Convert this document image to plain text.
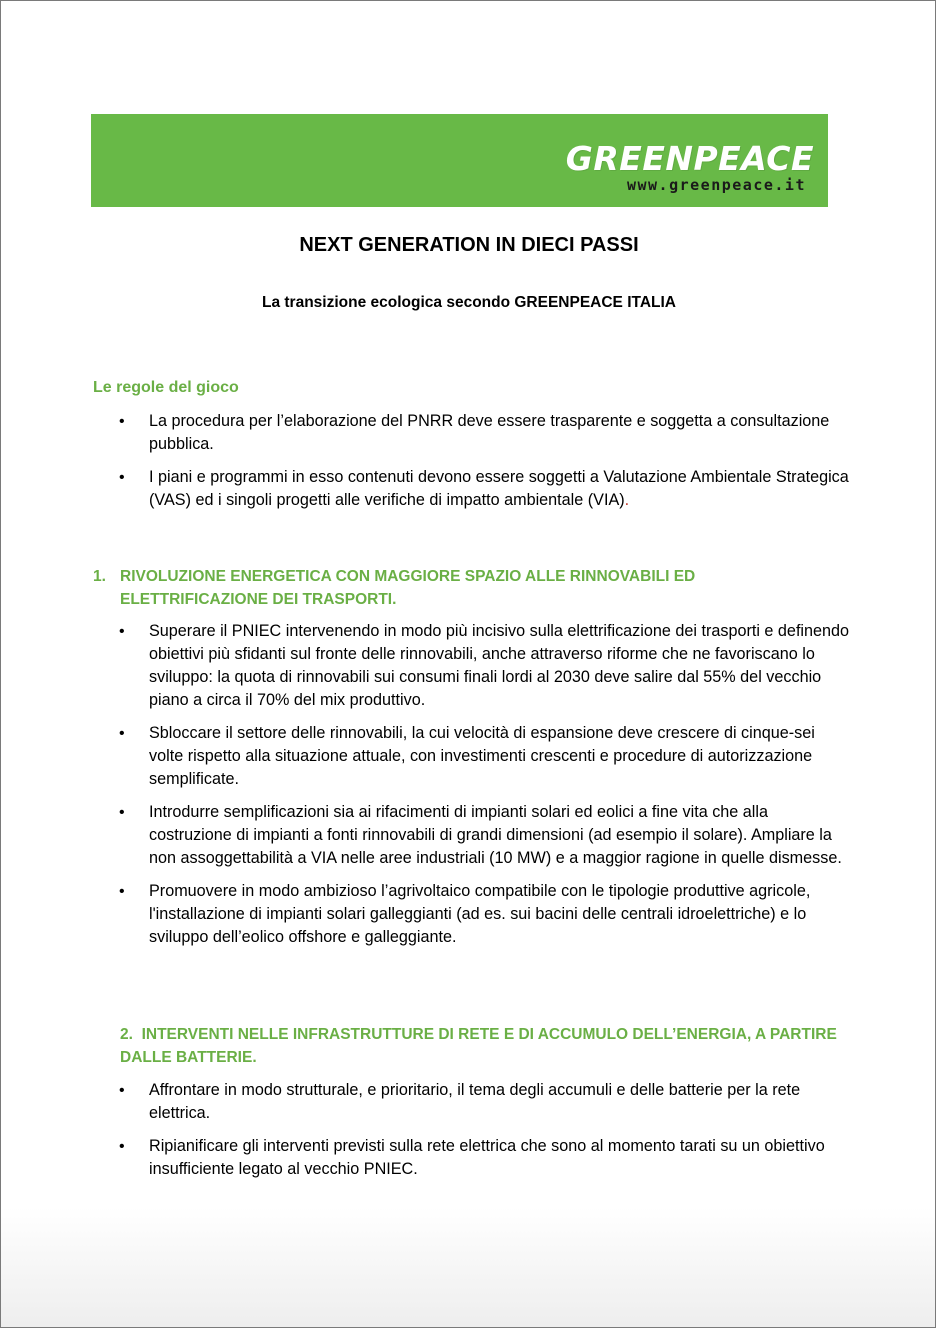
GREENPEACE
www.greenpeace.it
NEXT GENERATION IN DIECI PASSI
La transizione ecologica secondo GREENPEACE ITALIA
Le regole del gioco
• La procedura per l’elaborazione del PNRR deve essere trasparente e soggetta a consultazione pubblica.
• I piani e programmi in esso contenuti devono essere soggetti a Valutazione Ambientale Strategica (VAS) ed i singoli progetti alle verifiche di impatto ambientale (VIA).
1. RIVOLUZIONE ENERGETICA CON MAGGIORE SPAZIO ALLE RINNOVABILI ED
ELETTRIFICAZIONE DEI TRASPORTI.
• Superare il PNIEC intervenendo in modo più incisivo sulla elettrificazione dei trasporti e definendo obiettivi più sfidanti sul fronte delle rinnovabili, anche attraverso riforme che ne favoriscano lo sviluppo: la quota di rinnovabili sui consumi finali lordi al 2030 deve salire dal 55% del vecchio piano a circa il 70% del mix produttivo.
• Sbloccare il settore delle rinnovabili, la cui velocità di espansione deve crescere di cinque-sei volte rispetto alla situazione attuale, con investimenti crescenti e procedure di autorizzazione semplificate.
• Introdurre semplificazioni sia ai rifacimenti di impianti solari ed eolici a fine vita che alla costruzione di impianti a fonti rinnovabili di grandi dimensioni (ad esempio il solare). Ampliare la non assoggettabilità a VIA nelle aree industriali (10 MW) e a maggior ragione in quelle dismesse.
• Promuovere in modo ambizioso l’agrivoltaico compatibile con le tipologie produttive agricole, l'installazione di impianti solari galleggianti (ad es. sui bacini delle centrali idroelettriche) e lo sviluppo dell’eolico offshore e galleggiante.
2. INTERVENTI NELLE INFRASTRUTTURE DI RETE E DI ACCUMULO DELL’ENERGIA, A PARTIRE
DALLE BATTERIE.
• Affrontare in modo strutturale, e prioritario, il tema degli accumuli e delle batterie per la rete elettrica.
• Ripianificare gli interventi previsti sulla rete elettrica che sono al momento tarati su un obiettivo insufficiente legato al vecchio PNIEC.
